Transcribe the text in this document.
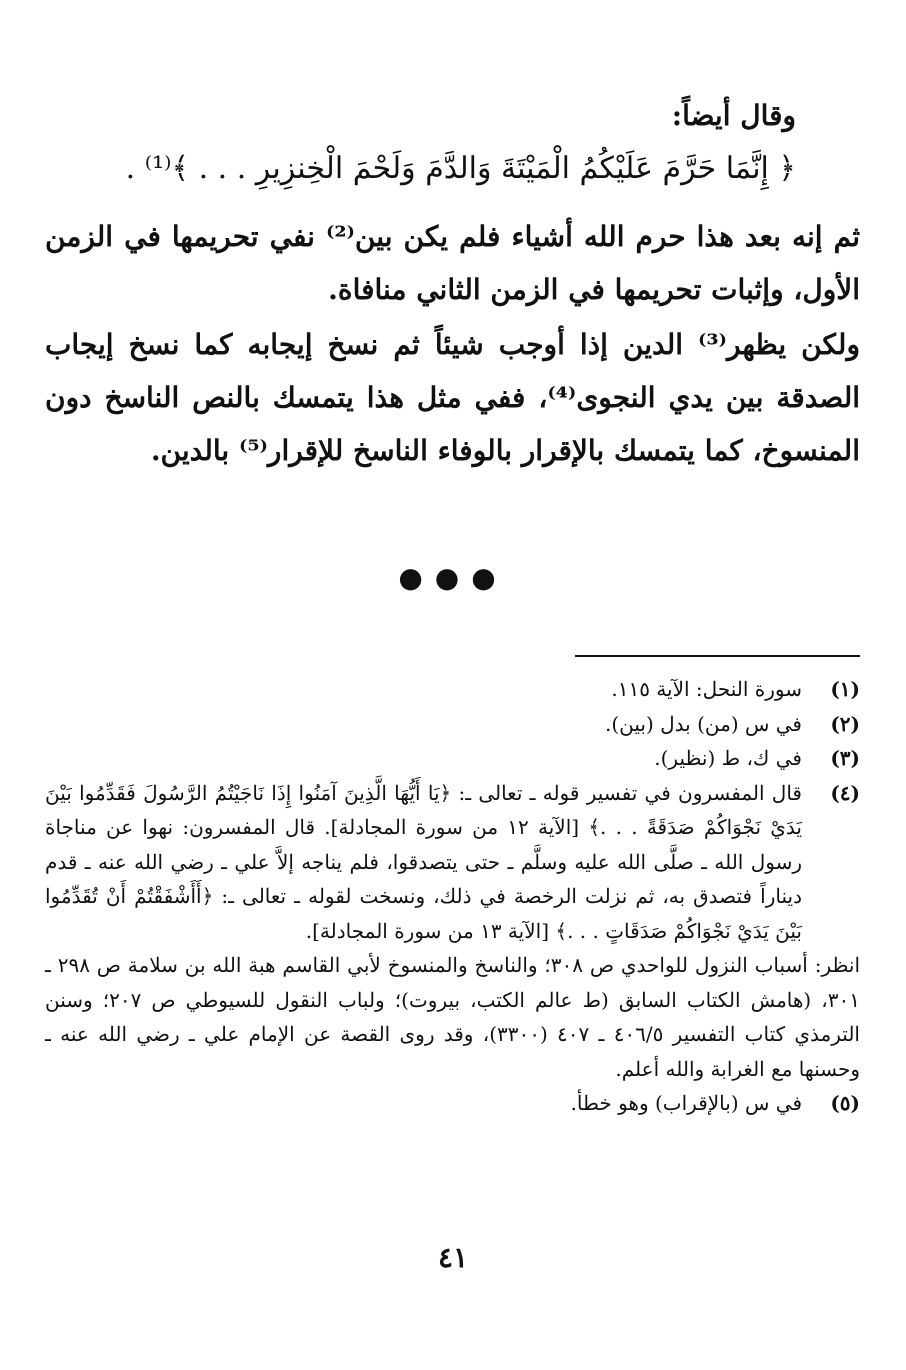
وقال أيضاً:

﴿ إِنَّمَا حَرَّمَ عَلَيْكُمُ الْمَيْتَةَ وَالدَّمَ وَلَحْمَ الْخِنزِيرِ . . . ﴾⁽¹⁾ .

ثم إنه بعد هذا حرم الله أشياء فلم يكن بين⁽²⁾ نفي تحريمها في الزمن الأول، وإثبات تحريمها في الزمن الثاني منافاة.

ولكن يظهر⁽³⁾ الدين إذا أوجب شيئاً ثم نسخ إيجابه كما نسخ إيجاب الصدقة بين يدي النجوى⁽⁴⁾، ففي مثل هذا يتمسك بالنص الناسخ دون المنسوخ، كما يتمسك بالإقرار بالوفاء الناسخ للإقرار⁽⁵⁾ بالدين.

●●●
(١)
سورة النحل: الآية ١١٥.
(٢)
في س (من) بدل (بين).
(٣)
في ك، ط (نظير).
(٤)
قال المفسرون في تفسير قوله ـ تعالى ـ: ﴿يَا أَيُّهَا الَّذِينَ آمَنُوا إِذَا نَاجَيْتُمُ الرَّسُولَ فَقَدِّمُوا بَيْنَ يَدَيْ نَجْوَاكُمْ صَدَقَةً . . .﴾ [الآية ١٢ من سورة المجادلة]. قال المفسرون: نهوا عن مناجاة رسول الله ـ صلَّى الله عليه وسلَّم ـ حتى يتصدقوا، فلم يناجه إلاَّ علي ـ رضي الله عنه ـ قدم ديناراً فتصدق به، ثم نزلت الرخصة في ذلك، ونسخت لقوله ـ تعالى ـ: ﴿أَأَشْفَقْتُمْ أَنْ تُقَدِّمُوا بَيْنَ يَدَيْ نَجْوَاكُمْ صَدَقَاتٍ . . .﴾ [الآية ١٣ من سورة المجادلة].
انظر: أسباب النزول للواحدي ص ٣٠٨؛ والناسخ والمنسوخ لأبي القاسم هبة الله بن سلامة ص ٢٩٨ ـ ٣٠١، (هامش الكتاب السابق (ط عالم الكتب، بيروت)؛ ولباب النقول للسيوطي ص ٢٠٧؛ وسنن الترمذي كتاب التفسير ٤٠٦/٥ ـ ٤٠٧ (٣٣٠٠)، وقد روى القصة عن الإمام علي ـ رضي الله عنه ـ وحسنها مع الغرابة والله أعلم.
(٥)
في س (بالإقراب) وهو خطأ.
٤١
